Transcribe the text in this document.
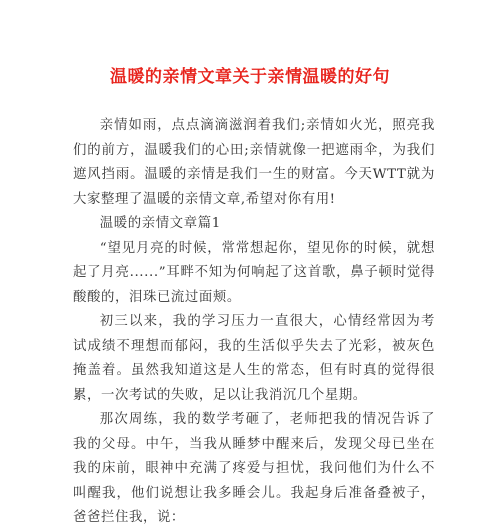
温暖的亲情文章关于亲情温暖的好句

亲情如雨，点点滴滴滋润着我们;亲情如火光，照亮我们的前方，温暖我们的心田;亲情就像一把遮雨伞，为我们遮风挡雨。温暖的亲情是我们一生的财富。今天WTT就为大家整理了温暖的亲情文章,希望对你有用!

温暖的亲情文章篇1

“望见月亮的时候，常常想起你，望见你的时候，就想起了月亮......”耳畔不知为何响起了这首歌，鼻子顿时觉得酸酸的，泪珠已流过面颊。

初三以来，我的学习压力一直很大，心情经常因为考试成绩不理想而郁闷，我的生活似乎失去了光彩，被灰色掩盖着。虽然我知道这是人生的常态，但有时真的觉得很累，一次考试的失败，足以让我消沉几个星期。

那次周练，我的数学考砸了，老师把我的情况告诉了我的父母。中午，当我从睡梦中醒来后，发现父母已坐在我的床前，眼神中充满了疼爱与担忧，我问他们为什么不叫醒我，他们说想让我多睡会儿。我起身后准备叠被子，爸爸拦住我，说：
